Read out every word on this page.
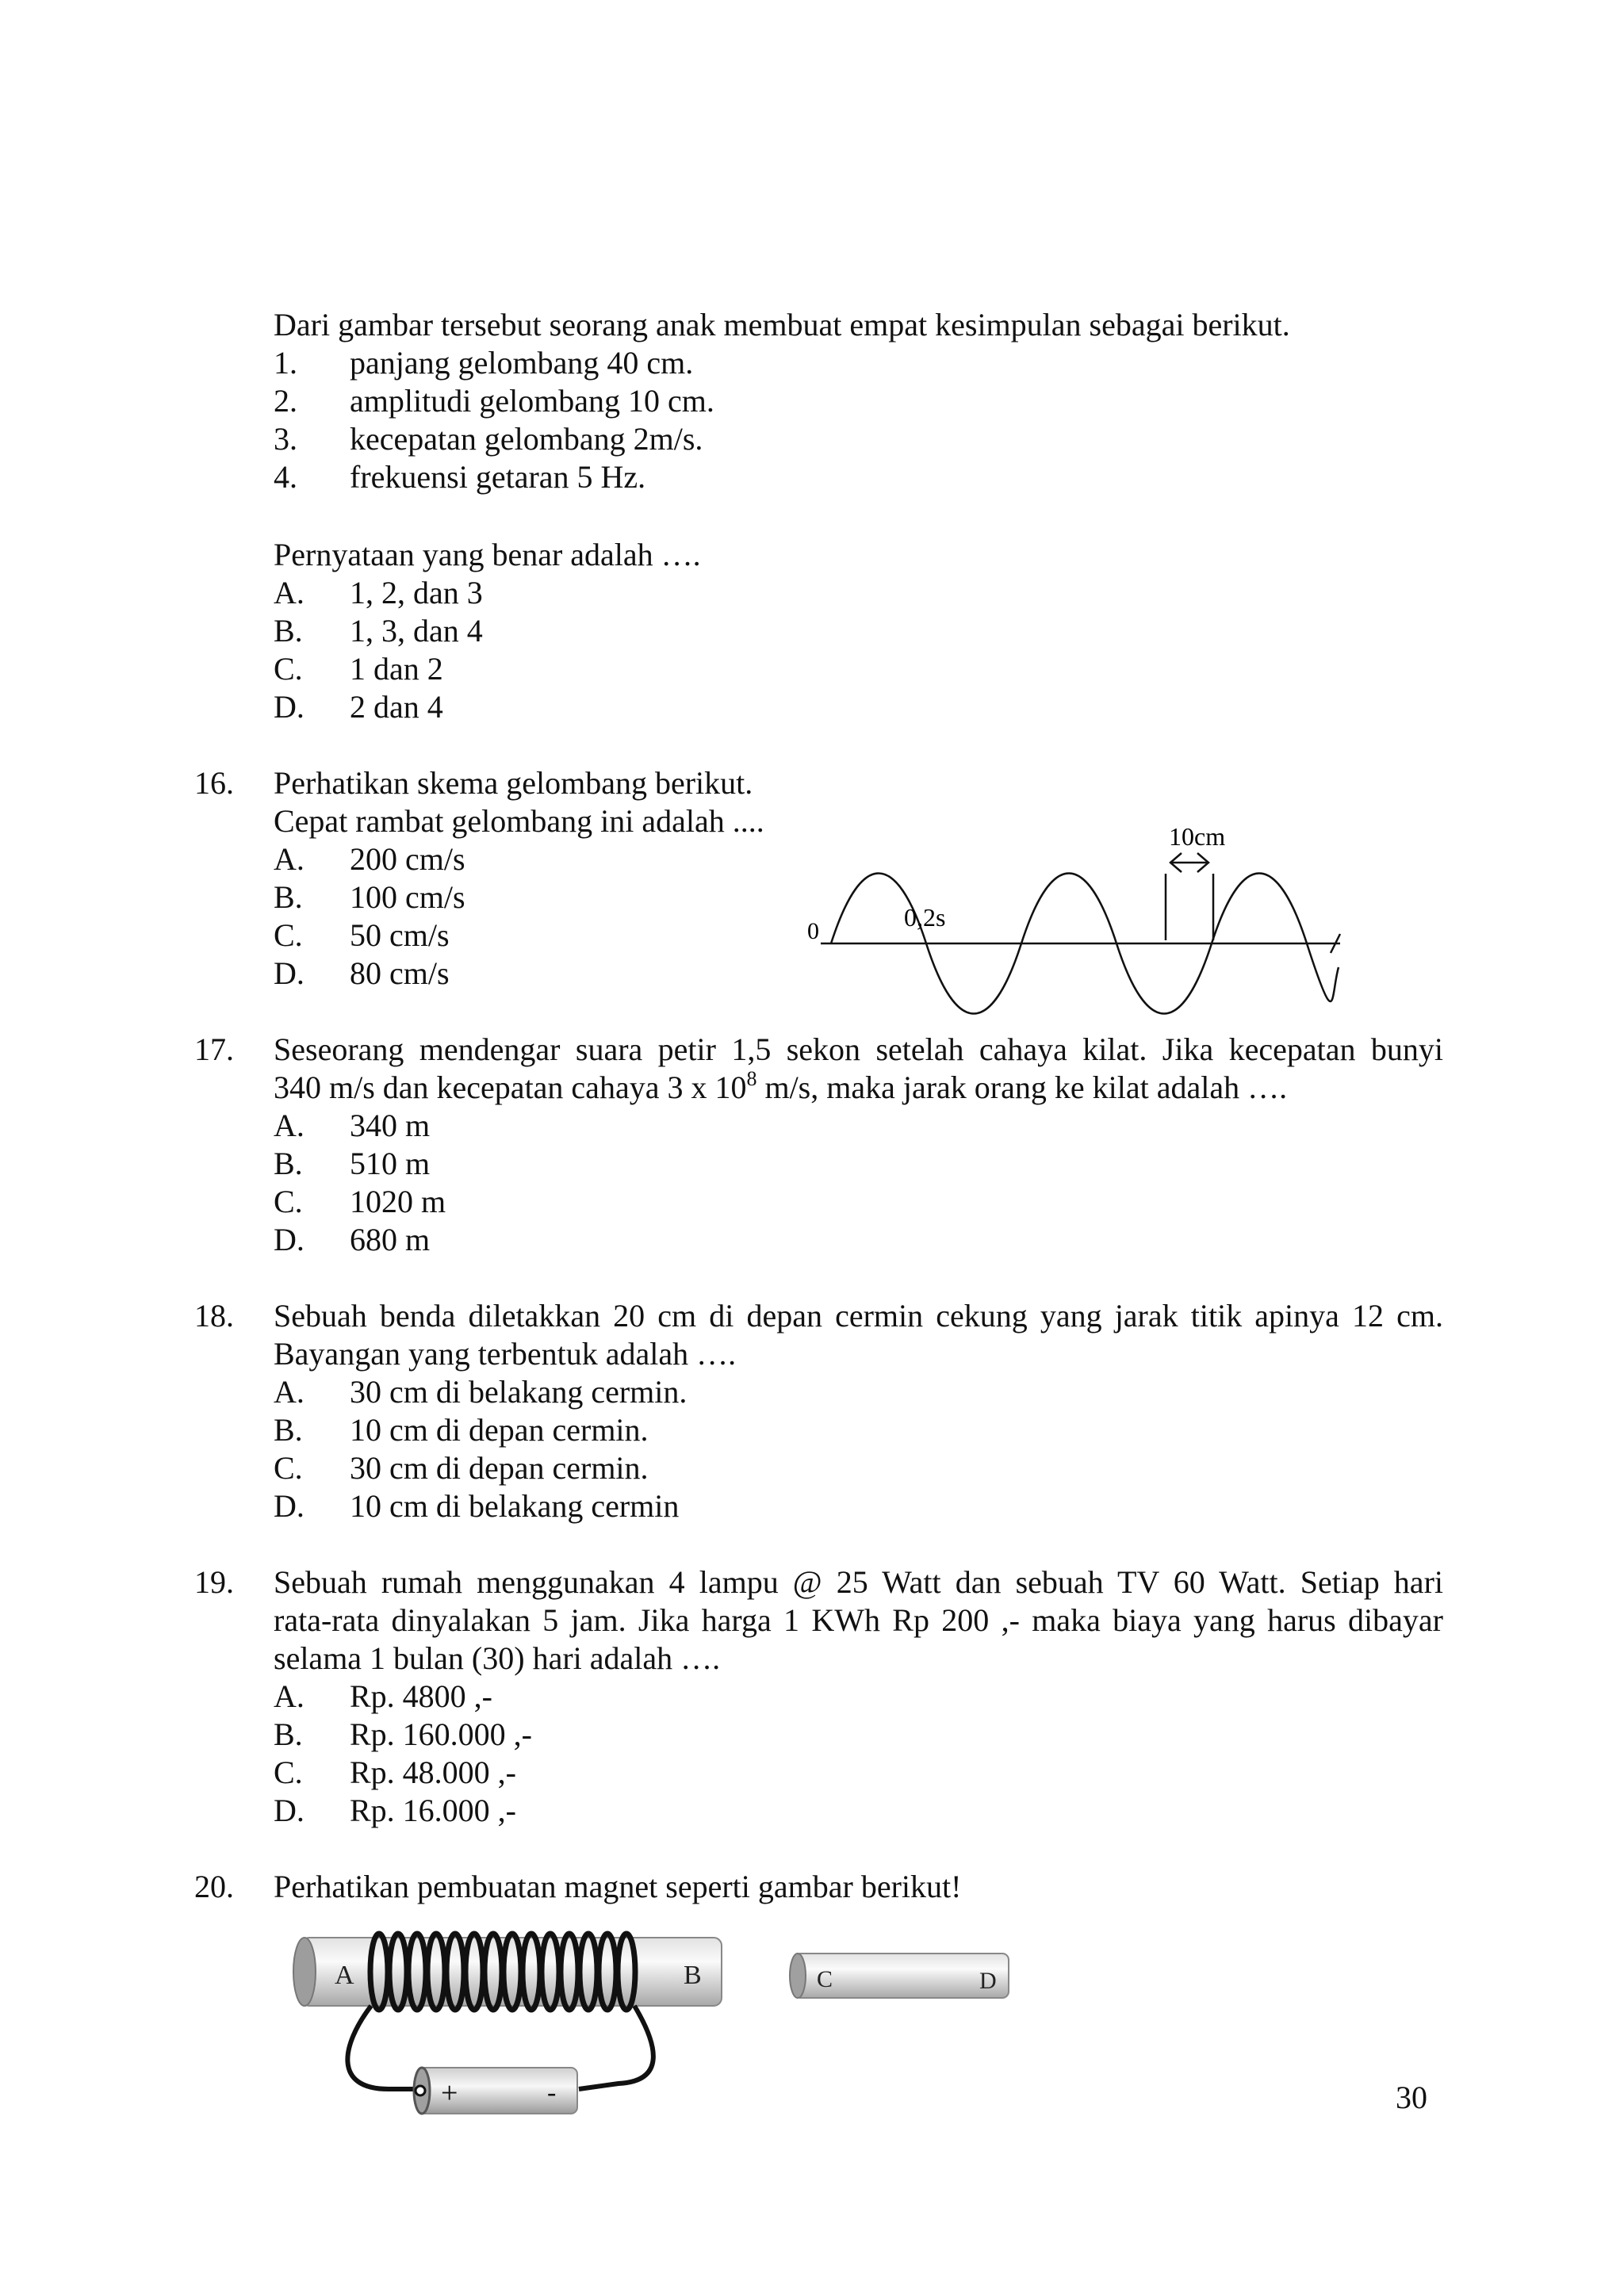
Dari gambar tersebut seorang anak membuat empat kesimpulan sebagai berikut.
1. panjang gelombang 40 cm.
2. amplitudi gelombang 10 cm.
3. kecepatan gelombang 2m/s.
4. frekuensi getaran 5 Hz.
Pernyataan yang benar adalah ….
A. 1, 2, dan 3
B. 1, 3, dan 4
C. 1 dan 2
D. 2 dan 4
16. Perhatikan skema gelombang berikut.
Cepat rambat gelombang ini adalah ....
A. 200 cm/s
B. 100 cm/s
C. 50 cm/s
D. 80 cm/s
10cm
0	0,2s
17. Seseorang mendengar suara petir 1,5 sekon setelah cahaya kilat. Jika kecepatan bunyi
340 m/s dan kecepatan cahaya 3 x $10^8$ m/s, maka jarak orang ke kilat adalah ….
A. 340 m
B. 510 m
C. 1020 m
D. 680 m
18. Sebuah benda diletakkan 20 cm di depan cermin cekung yang jarak titik apinya 12 cm.
Bayangan yang terbentuk adalah ….
A. 30 cm di belakang cermin.
B. 10 cm di depan cermin.
C. 30 cm di depan cermin.
D. 10 cm di belakang cermin
19. Sebuah rumah menggunakan 4 lampu @ 25 Watt dan sebuah TV 60 Watt. Setiap hari
rata-rata dinyalakan 5 jam. Jika harga 1 KWh Rp 200 ,- maka biaya yang harus dibayar
selama 1 bulan (30) hari adalah ….
A. Rp. 4800 ,-
B. Rp. 160.000 ,-
C. Rp. 48.000 ,-
D. Rp. 16.000 ,-
20. Perhatikan pembuatan magnet seperti gambar berikut!
A	B
+	-
C	D
30
